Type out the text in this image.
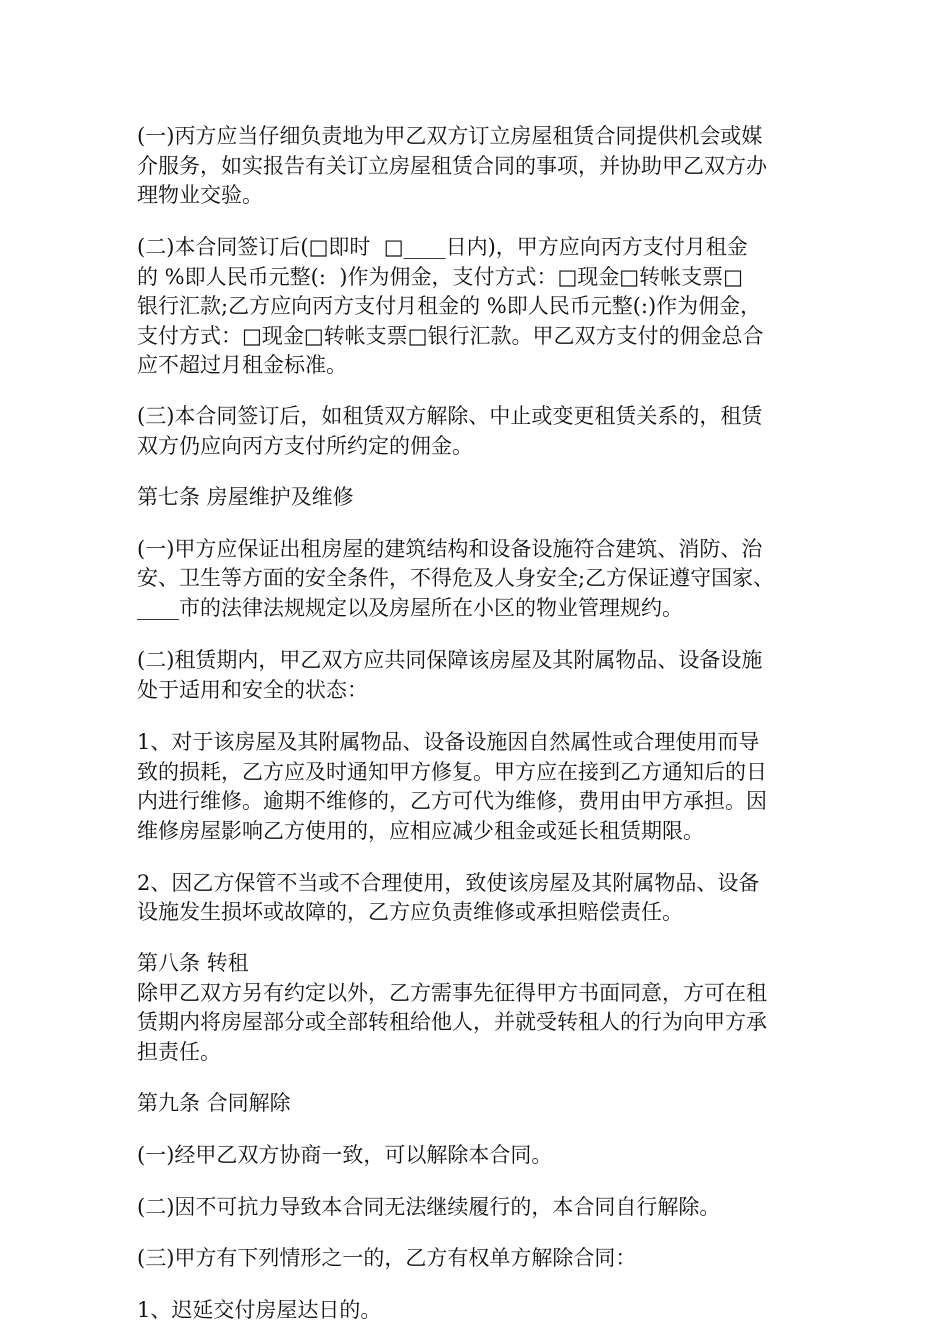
(一)丙方应当仔细负责地为甲乙双方订立房屋租赁合同提供机会或媒

介服务，如实报告有关订立房屋租赁合同的事项，并协助甲乙双方办

理物业交验。

(二)本合同签订后(□即时  □____日内)，甲方应向丙方支付月租金

的 %即人民币元整(:  )作为佣金，支付方式：□现金□转帐支票□

银行汇款;乙方应向丙方支付月租金的 %即人民币元整(:)作为佣金，

支付方式：□现金□转帐支票□银行汇款。甲乙双方支付的佣金总合

应不超过月租金标准。

(三)本合同签订后，如租赁双方解除、中止或变更租赁关系的，租赁

双方仍应向丙方支付所约定的佣金。

第七条 房屋维护及维修

(一)甲方应保证出租房屋的建筑结构和设备设施符合建筑、消防、治

安、卫生等方面的安全条件，不得危及人身安全;乙方保证遵守国家、

____市的法律法规规定以及房屋所在小区的物业管理规约。

(二)租赁期内，甲乙双方应共同保障该房屋及其附属物品、设备设施

处于适用和安全的状态：

1、对于该房屋及其附属物品、设备设施因自然属性或合理使用而导

致的损耗，乙方应及时通知甲方修复。甲方应在接到乙方通知后的日

内进行维修。逾期不维修的，乙方可代为维修，费用由甲方承担。因

维修房屋影响乙方使用的，应相应减少租金或延长租赁期限。

2、因乙方保管不当或不合理使用，致使该房屋及其附属物品、设备

设施发生损坏或故障的，乙方应负责维修或承担赔偿责任。

第八条 转租

除甲乙双方另有约定以外，乙方需事先征得甲方书面同意，方可在租

赁期内将房屋部分或全部转租给他人，并就受转租人的行为向甲方承

担责任。

第九条 合同解除

(一)经甲乙双方协商一致，可以解除本合同。

(二)因不可抗力导致本合同无法继续履行的，本合同自行解除。

(三)甲方有下列情形之一的，乙方有权单方解除合同：

1、迟延交付房屋达日的。
